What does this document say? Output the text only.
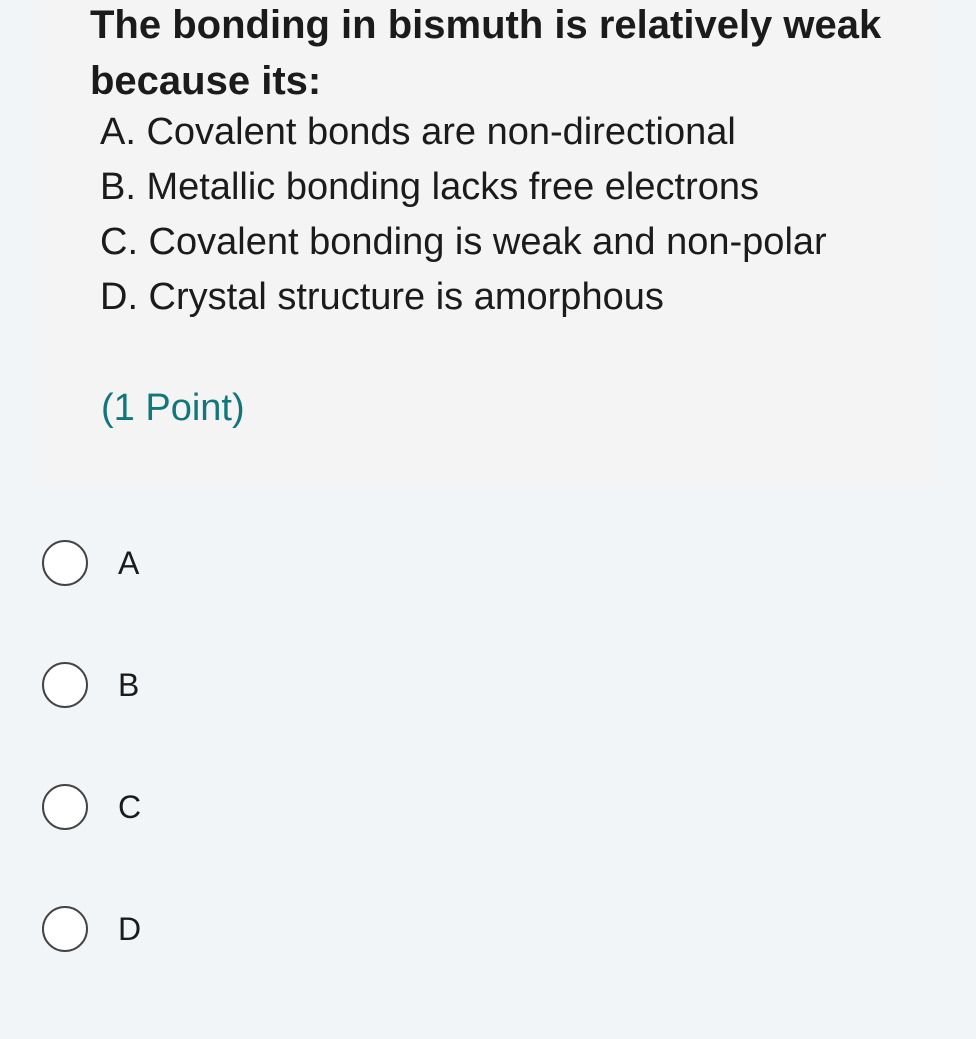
The bonding in bismuth is relatively weak because its:
A. Covalent bonds are non-directional
B. Metallic bonding lacks free electrons
C. Covalent bonding is weak and non-polar
D. Crystal structure is amorphous
(1 Point)
A
B
C
D
